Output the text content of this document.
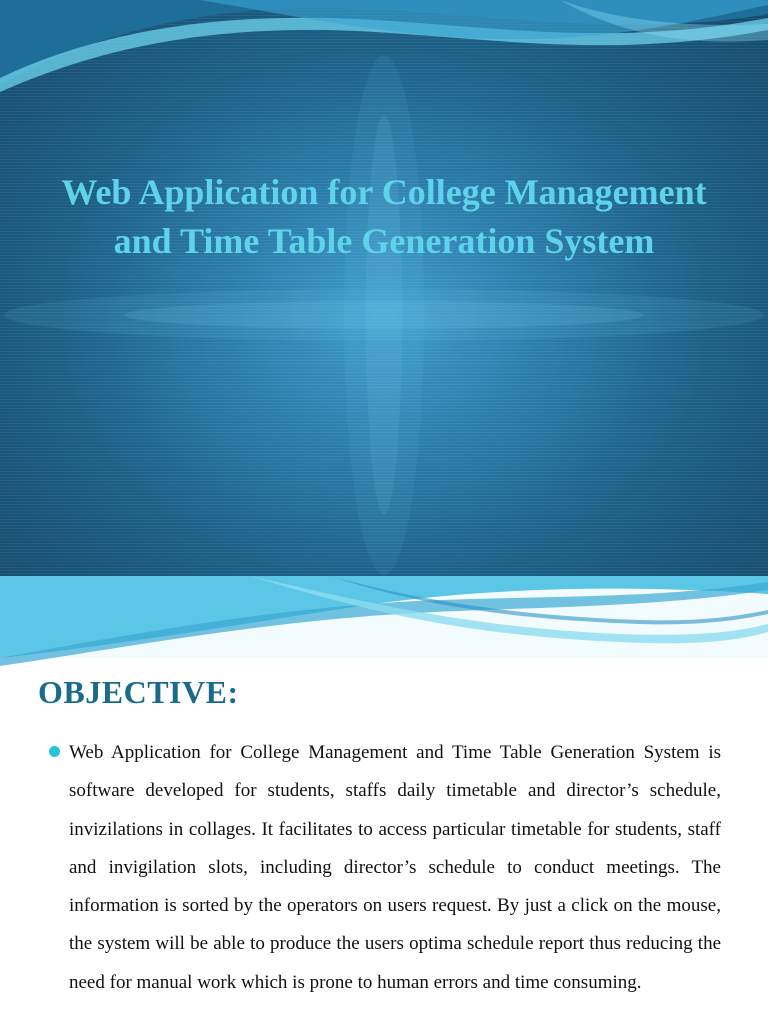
Web Application for College Management
and Time Table Generation System
OBJECTIVE:
Web Application for College Management and Time Table Generation System is software developed for students, staffs daily timetable and director’s schedule, invizilations in collages. It facilitates to access particular timetable for students, staff and invigilation slots, including director’s schedule to conduct meetings. The information is sorted by the operators on users request. By just a click on the mouse, the system will be able to produce the users optima schedule report thus reducing the need for manual work which is prone to human errors and time consuming.
